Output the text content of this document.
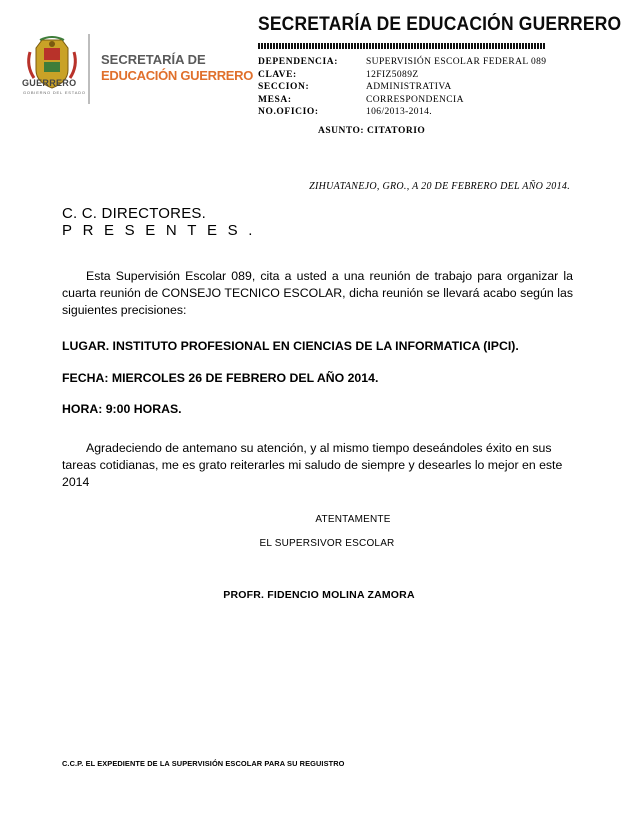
GUERRERO
GOBIERNO DEL ESTADO
SECRETARÍA DE
EDUCACIÓN GUERRERO
SECRETARÍA DE EDUCACIÓN GUERRERO
DEPENDENCIA:	SUPERVISIÓN ESCOLAR FEDERAL 089
CLAVE:	12FIZ5089Z
SECCION:	ADMINISTRATIVA
MESA:	CORRESPONDENCIA
NO.OFICIO:	106/2013-2014.
ASUNTO: CITATORIO
ZIHUATANEJO, GRO., A 20 DE FEBRERO DEL AÑO 2014.
C. C. DIRECTORES.
PRESENTES.
Esta Supervisión Escolar 089, cita a usted a una reunión de trabajo para organizar la cuarta reunión de CONSEJO TECNICO ESCOLAR, dicha reunión se llevará acabo según las siguientes precisiones:
LUGAR. INSTITUTO PROFESIONAL EN CIENCIAS DE LA INFORMATICA (IPCI).
FECHA: MIERCOLES 26 DE FEBRERO DEL AÑO 2014.
HORA: 9:00 HORAS.
Agradeciendo de antemano su atención, y al mismo tiempo deseándoles éxito en sus tareas cotidianas, me es grato reiterarles mi saludo de siempre y desearles lo mejor en este 2014
ATENTAMENTE
EL SUPERSIVOR ESCOLAR
PROFR. FIDENCIO MOLINA ZAMORA
C.C.P. EL EXPEDIENTE DE LA SUPERVISIÓN ESCOLAR PARA SU REGUISTRO
